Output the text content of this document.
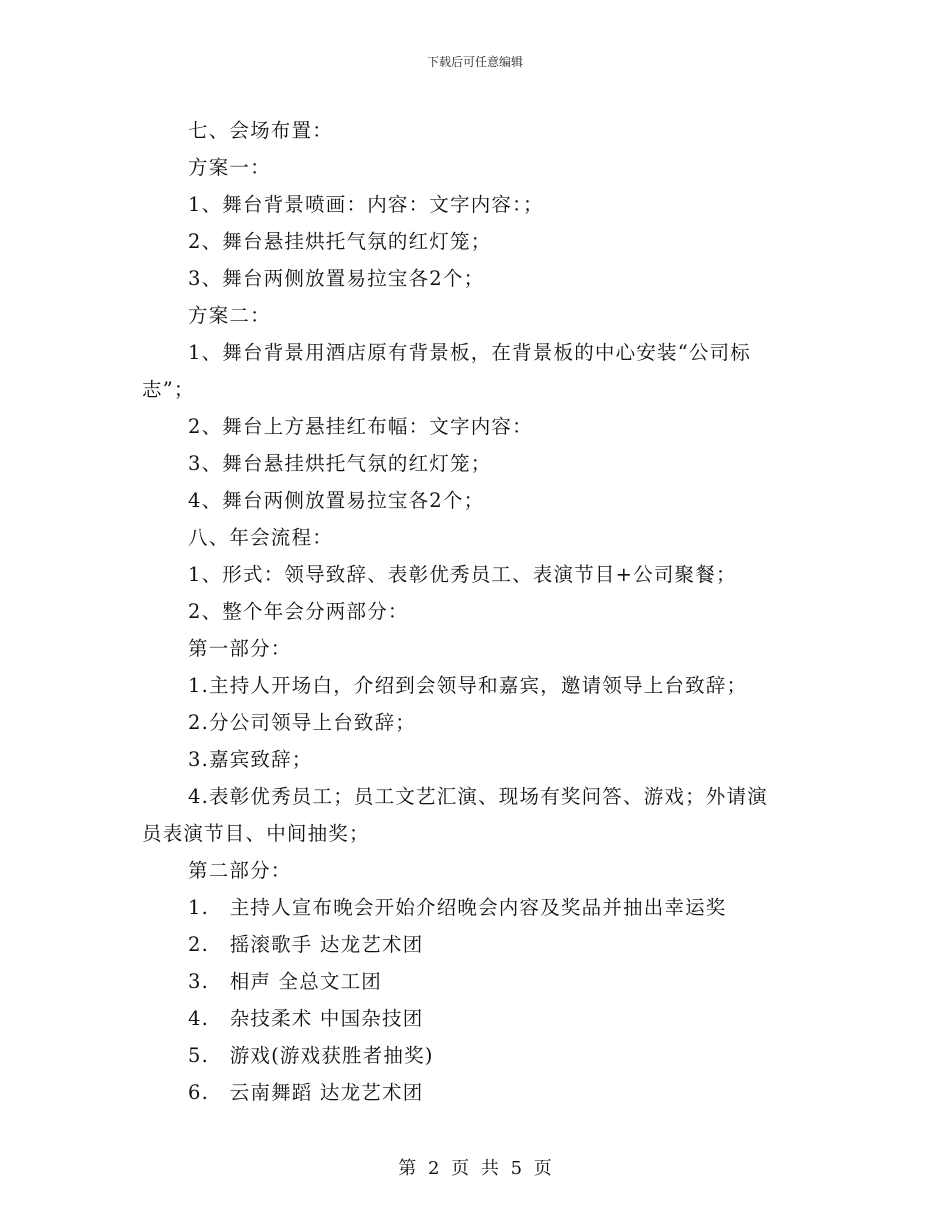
下载后可任意编辑
七、会场布置：
方案一：
1、舞台背景喷画：内容：文字内容：；
2、舞台悬挂烘托气氛的红灯笼；
3、舞台两侧放置易拉宝各2个；
方案二：
1、舞台背景用酒店原有背景板，在背景板的中心安装“公司标
志”；
2、舞台上方悬挂红布幅：文字内容：
3、舞台悬挂烘托气氛的红灯笼；
4、舞台两侧放置易拉宝各2个；
八、年会流程：
1、形式：领导致辞、表彰优秀员工、表演节目+公司聚餐；
2、整个年会分两部分：
第一部分：
1.主持人开场白，介绍到会领导和嘉宾，邀请领导上台致辞；
2.分公司领导上台致辞；
3.嘉宾致辞；
4.表彰优秀员工；员工文艺汇演、现场有奖问答、游戏；外请演
员表演节目、中间抽奖；
第二部分：
1.　主持人宣布晚会开始介绍晚会内容及奖品并抽出幸运奖
2.　摇滚歌手 达龙艺术团
3.　相声 全总文工团
4.　杂技柔术 中国杂技团
5.　游戏(游戏获胜者抽奖)
6.　云南舞蹈 达龙艺术团
第 2 页 共 5 页
